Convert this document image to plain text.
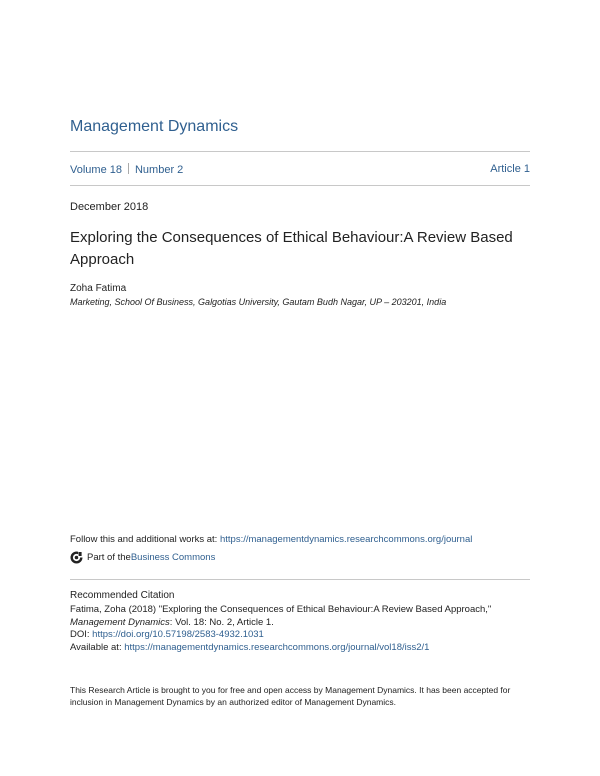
Management Dynamics
Volume 18 Number 2	Article 1
December 2018
Exploring the Consequences of Ethical Behaviour:A Review Based Approach
Zoha Fatima
Marketing, School Of Business, Galgotias University, Gautam Budh Nagar, UP – 203201, India
Follow this and additional works at: https://managementdynamics.researchcommons.org/journal
Part of the Business Commons
Recommended Citation
Fatima, Zoha (2018) "Exploring the Consequences of Ethical Behaviour:A Review Based Approach,"
Management Dynamics: Vol. 18: No. 2, Article 1.
DOI: https://doi.org/10.57198/2583-4932.1031
Available at: https://managementdynamics.researchcommons.org/journal/vol18/iss2/1
This Research Article is brought to you for free and open access by Management Dynamics. It has been accepted for inclusion in Management Dynamics by an authorized editor of Management Dynamics.
